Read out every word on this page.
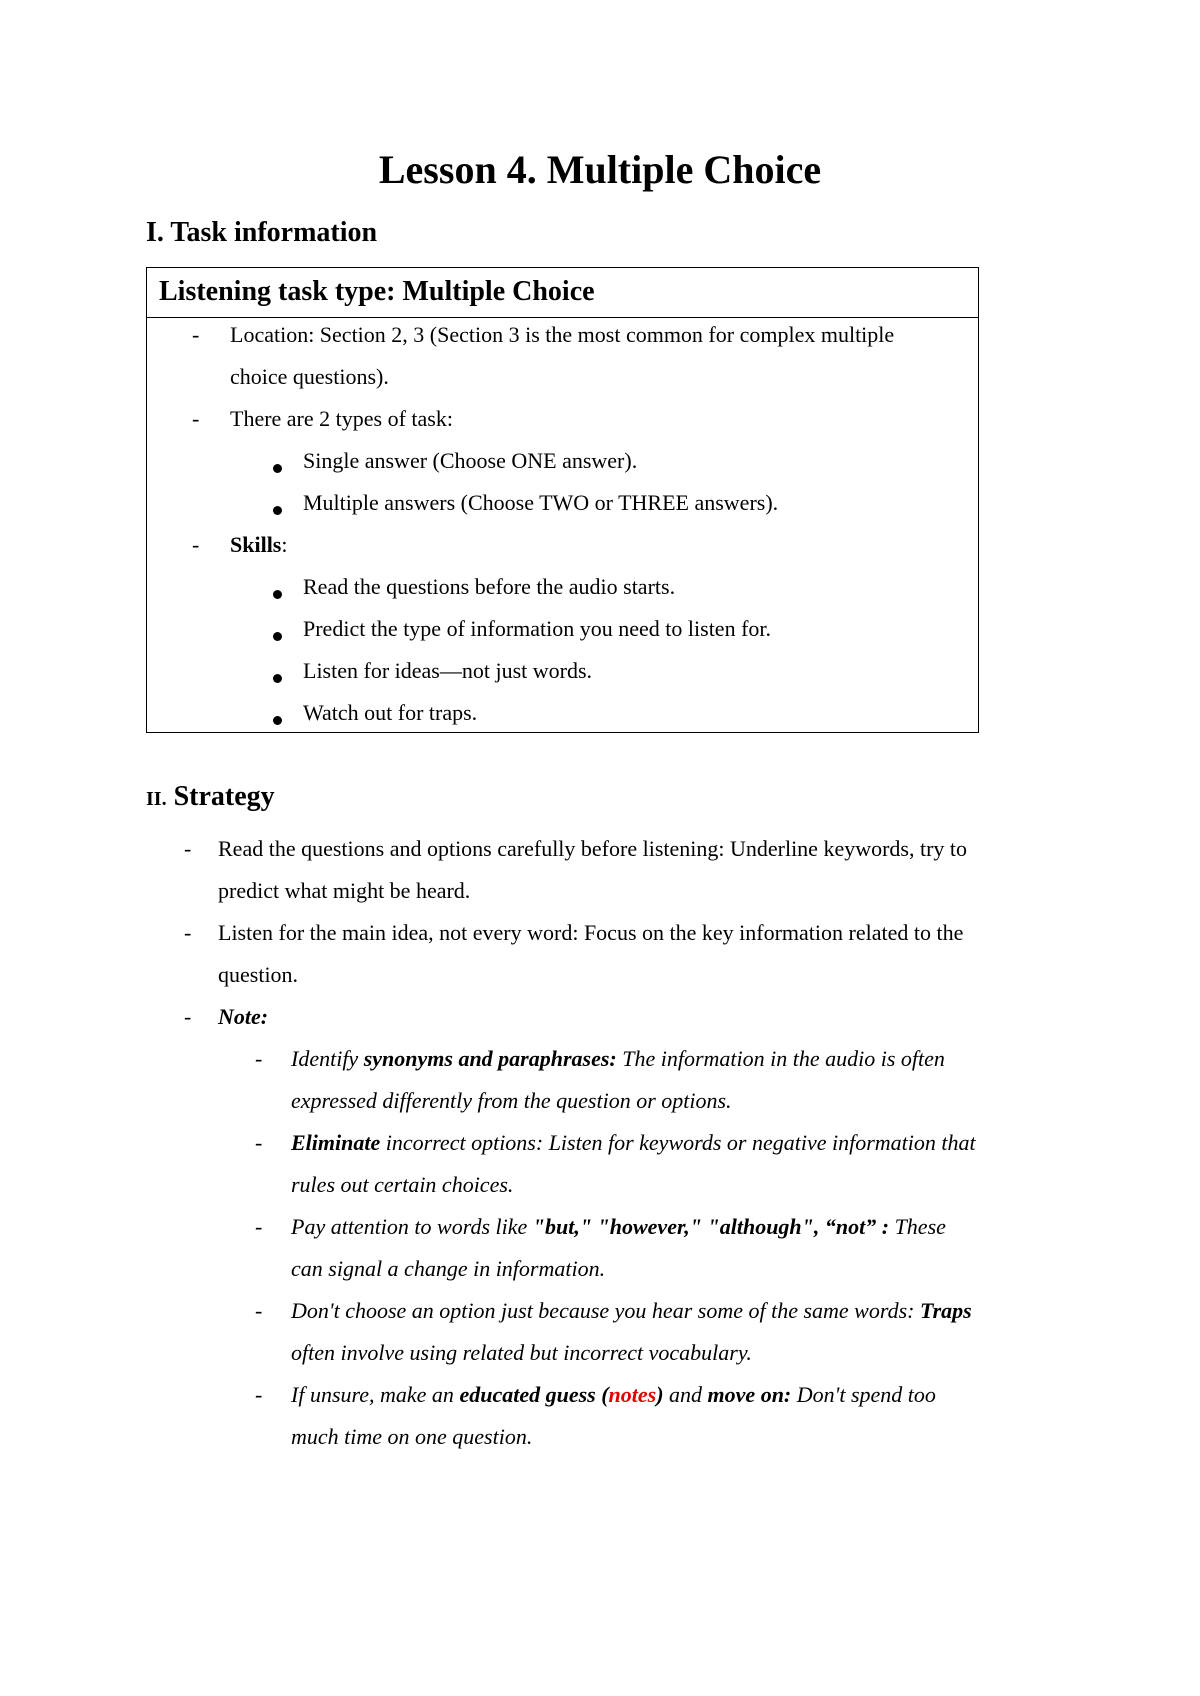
Lesson 4. Multiple Choice
I. Task information
Listening task type: Multiple Choice
- Location: Section 2, 3 (Section 3 is the most common for complex multiple
choice questions).
- There are 2 types of task:
Single answer (Choose ONE answer).
Multiple answers (Choose TWO or THREE answers).
- Skills:
Read the questions before the audio starts.
Predict the type of information you need to listen for.
Listen for ideas—not just words.
Watch out for traps.
II. Strategy
- Read the questions and options carefully before listening: Underline keywords, try to
predict what might be heard.
- Listen for the main idea, not every word: Focus on the key information related to the
question.
- Note:
- Identify synonyms and paraphrases: The information in the audio is often
expressed differently from the question or options.
- Eliminate incorrect options: Listen for keywords or negative information that
rules out certain choices.
- Pay attention to words like "but," "however," "although", “not” : These
can signal a change in information.
- Don't choose an option just because you hear some of the same words: Traps
often involve using related but incorrect vocabulary.
- If unsure, make an educated guess (notes) and move on: Don't spend too
much time on one question.
